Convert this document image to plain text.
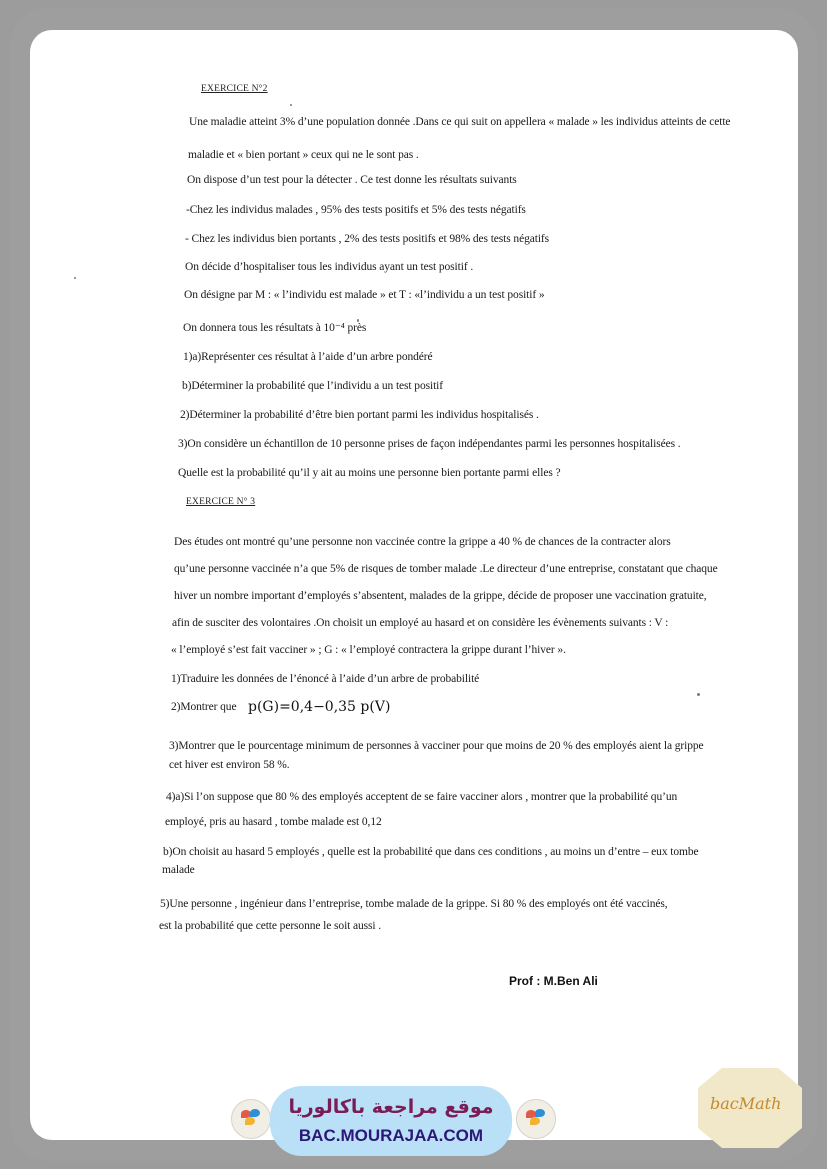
EXERCICE N°2
Une maladie atteint 3% d’une population donnée .Dans ce qui suit on appellera « malade » les individus atteints de cette
maladie et « bien portant » ceux qui ne le sont pas .
On dispose d’un test pour la détecter . Ce test donne les résultats suivants
-Chez les individus malades , 95% des tests positifs et 5% des tests négatifs
- Chez les individus bien portants , 2% des tests positifs et 98% des tests négatifs
On décide d’hospitaliser tous les individus ayant un test positif .
On désigne par M : « l’individu est malade » et T : «l’individu a un test positif »
On donnera tous les résultats à 10⁻⁴ près
1)a)Représenter ces résultat à l’aide d’un arbre pondéré
b)Déterminer la probabilité que l’individu a un test positif
2)Déterminer la probabilité d’être bien portant parmi les individus hospitalisés .
3)On considère un échantillon de 10 personne prises de façon indépendantes parmi les personnes hospitalisées .
Quelle est la probabilité qu’il y ait au moins une personne bien portante parmi elles ?
EXERCICE N° 3
Des études ont montré qu’une personne non vaccinée contre la grippe a 40 % de chances de la contracter alors
qu’une personne vaccinée n’a que 5% de risques de tomber malade .Le directeur d’une entreprise, constatant que chaque
hiver un nombre important d’employés s’absentent, malades de la grippe, décide de proposer une vaccination gratuite,
afin de susciter des volontaires .On choisit un employé au hasard et on considère les évènements suivants : V :
« l’employé s’est fait vacciner » ; G : « l’employé contractera la grippe durant l’hiver ».
1)Traduire les données de l’énoncé à l’aide d’un arbre de probabilité
2)Montrer que p(G)=0,4−0,35 p(V)
3)Montrer que le pourcentage minimum de personnes à vacciner pour que moins de 20 % des employés aient la grippe
cet hiver est environ 58 %.
4)a)Si l’on suppose que 80 % des employés acceptent de se faire vacciner alors , montrer que la probabilité qu’un
employé, pris au hasard , tombe malade est 0,12
b)On choisit au hasard 5 employés , quelle est la probabilité que dans ces conditions , au moins un d’entre – eux tombe
malade
5)Une personne , ingénieur dans l’entreprise, tombe malade de la grippe. Si 80 % des employés ont été vaccinés,
est la probabilité que cette personne le soit aussi .
Prof : M.Ben Ali
موقع مراجعة باكالوريا
BAC.MOURAJAA.COM
bacMath
